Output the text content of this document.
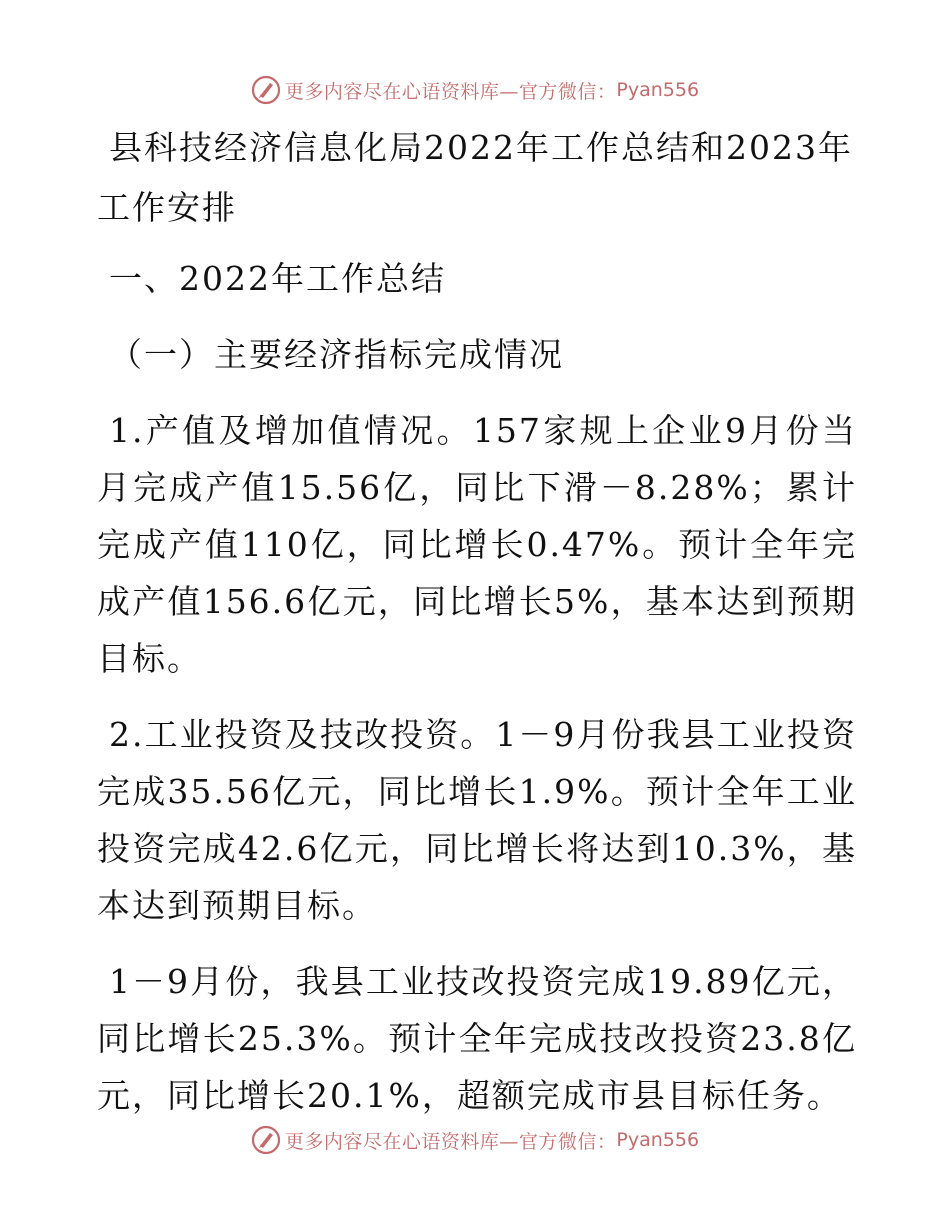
更多内容尽在心语资料库—官方微信： Pyan556
县科技经济信息化局2022年工作总结和2023年工作安排
一、2022年工作总结
（一）主要经济指标完成情况

1.产值及增加值情况。157家规上企业9月份当月完成产值15.56亿，同比下滑－8.28%；累计完成产值110亿，同比增长0.47%。预计全年完成产值156.6亿元，同比增长5%，基本达到预期目标。

2.工业投资及技改投资。1－9月份我县工业投资完成35.56亿元，同比增长1.9%。预计全年工业投资完成42.6亿元，同比增长将达到10.3%，基本达到预期目标。

1－9月份，我县工业技改投资完成19.89亿元，同比增长25.3%。预计全年完成技改投资23.8亿元，同比增长20.1%，超额完成市县目标任务。

更多内容尽在心语资料库—官方微信： Pyan556
